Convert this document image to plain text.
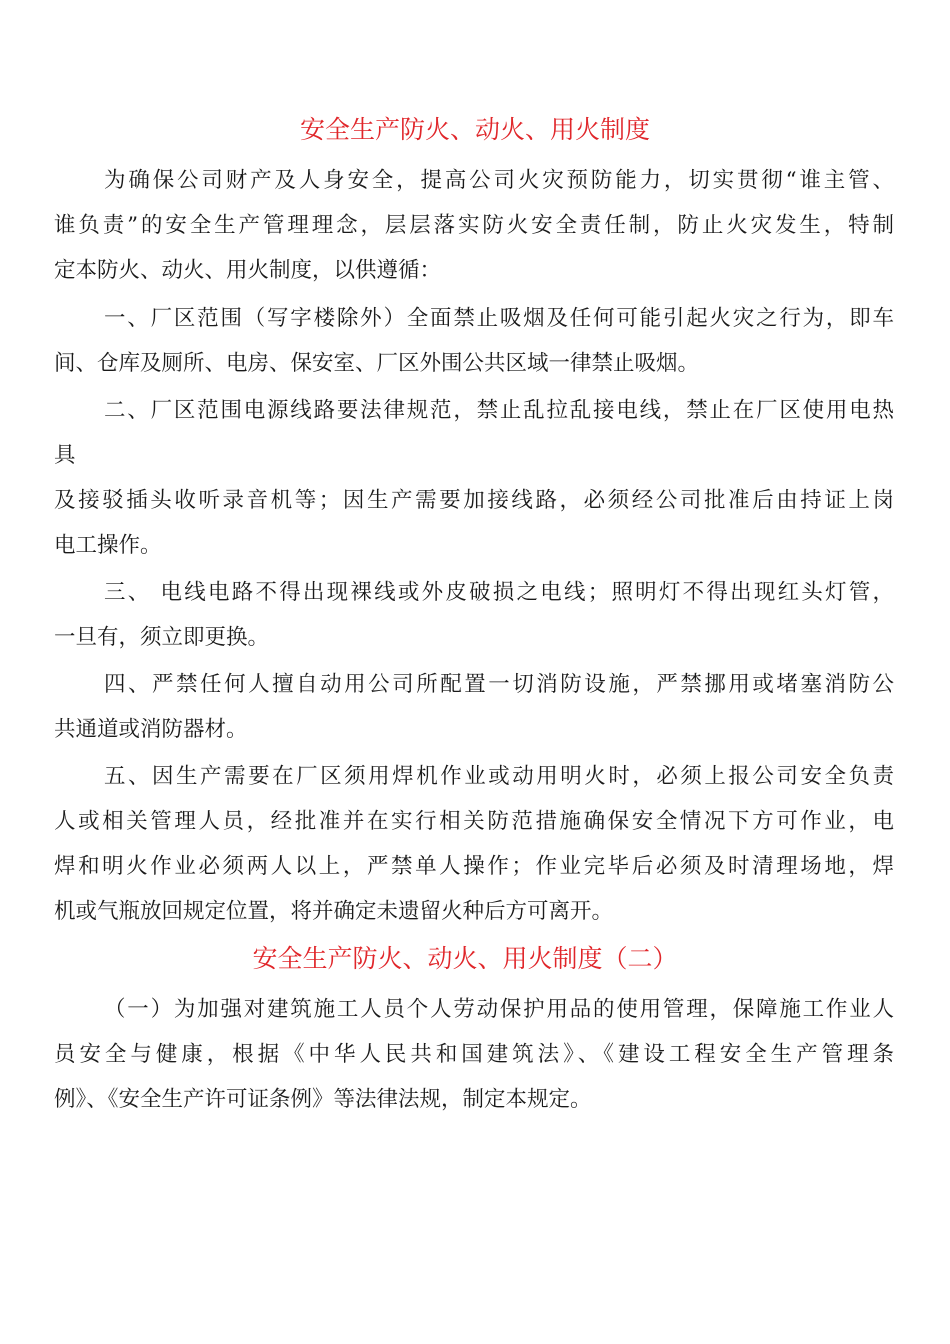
安全生产防火、动火、用火制度
为确保公司财产及人身安全，提高公司火灾预防能力，切实贯彻“谁主管、
谁负责”的安全生产管理理念，层层落实防火安全责任制，防止火灾发生，特制
定本防火、动火、用火制度，以供遵循：
一、厂区范围（写字楼除外）全面禁止吸烟及任何可能引起火灾之行为，即车
间、仓库及厕所、电房、保安室、厂区外围公共区域一律禁止吸烟。
二、厂区范围电源线路要法律规范，禁止乱拉乱接电线，禁止在厂区使用电热
具
及接驳插头收听录音机等；因生产需要加接线路，必须经公司批准后由持证上岗
电工操作。
三、 电线电路不得出现裸线或外皮破损之电线；照明灯不得出现红头灯管，
一旦有，须立即更换。
四、严禁任何人擅自动用公司所配置一切消防设施，严禁挪用或堵塞消防公
共通道或消防器材。
五、因生产需要在厂区须用焊机作业或动用明火时，必须上报公司安全负责
人或相关管理人员，经批准并在实行相关防范措施确保安全情况下方可作业，电
焊和明火作业必须两人以上，严禁单人操作；作业完毕后必须及时清理场地，焊
机或气瓶放回规定位置，将并确定未遗留火种后方可离开。
安全生产防火、动火、用火制度（二）
（一）为加强对建筑施工人员个人劳动保护用品的使用管理，保障施工作业人
员安全与健康，根据《中华人民共和国建筑法》、《建设工程安全生产管理条
例》、《安全生产许可证条例》等法律法规，制定本规定。
